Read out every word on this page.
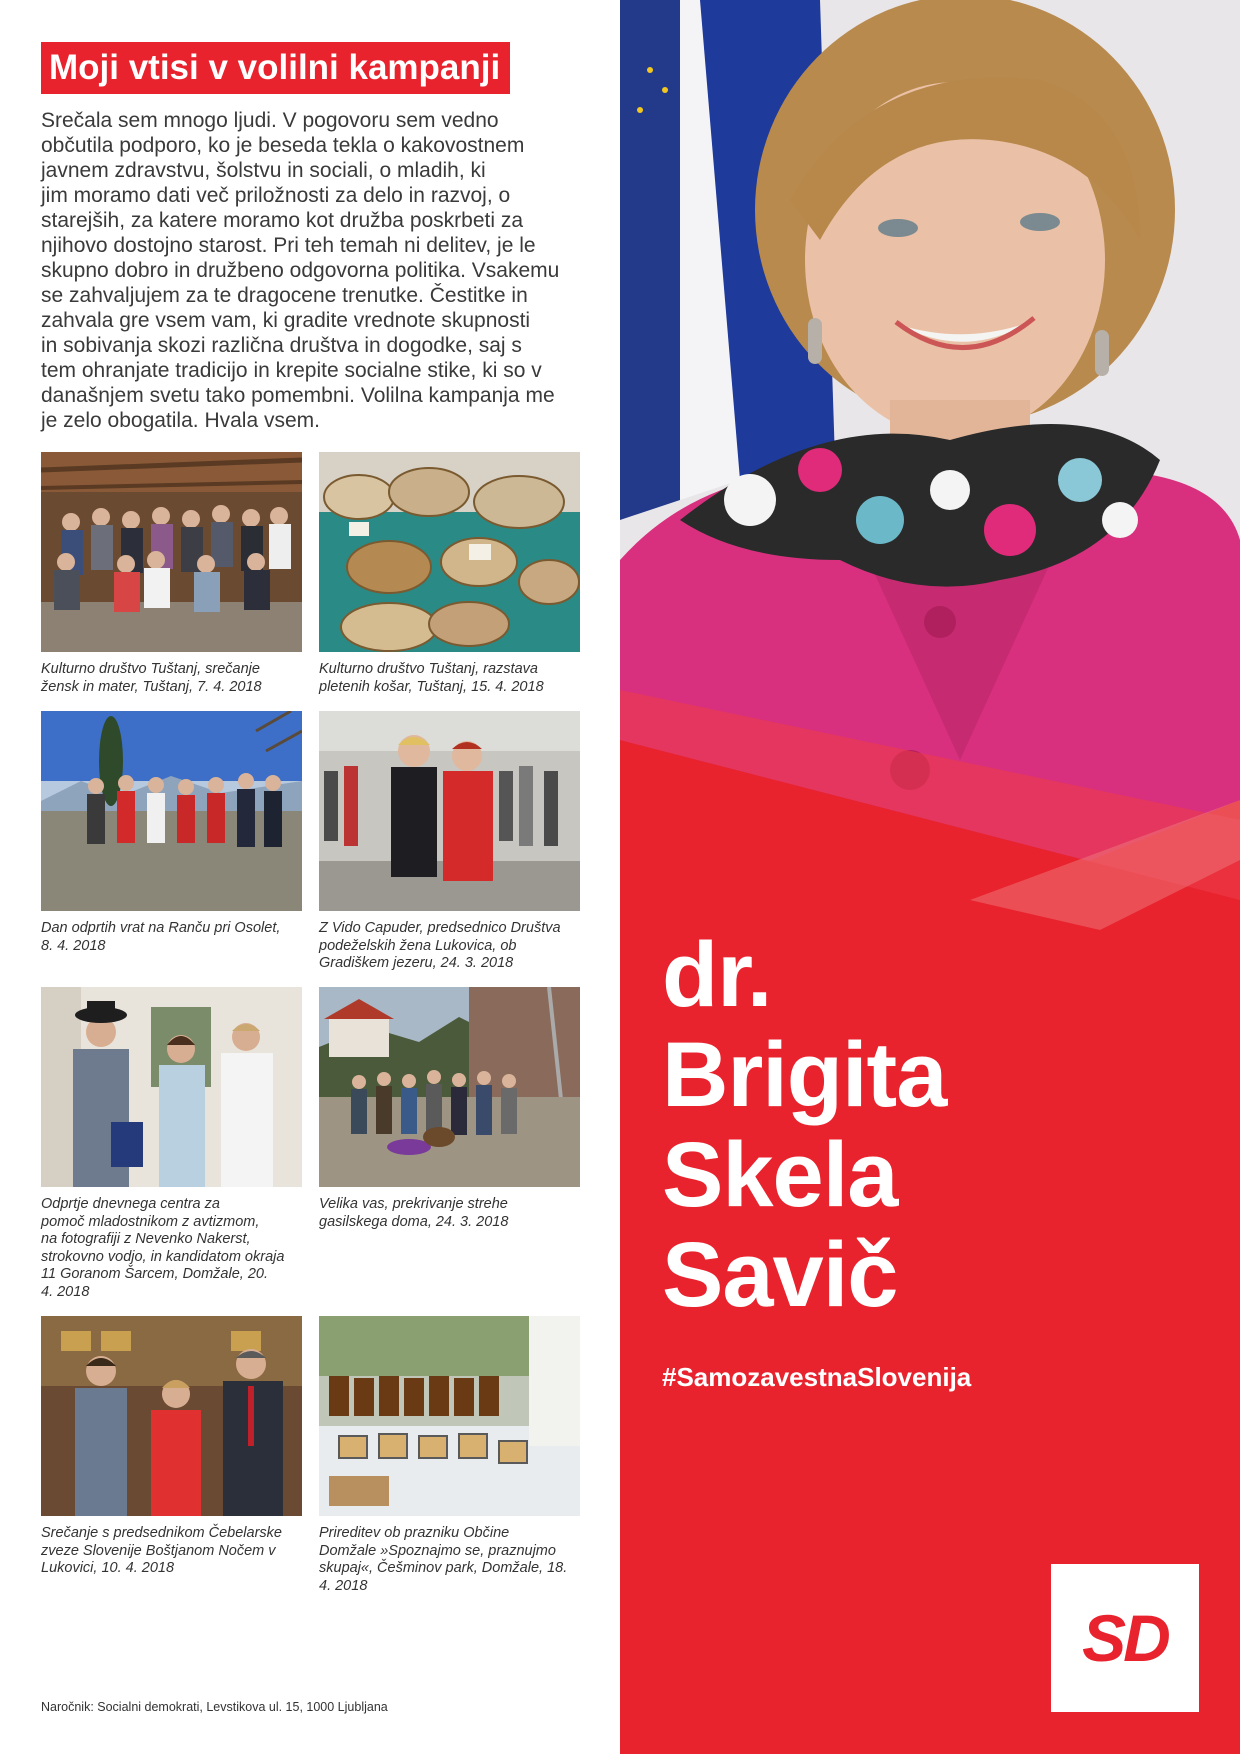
Moji vtisi v volilni kampanji
Srečala sem mnogo ljudi. V pogovoru sem vedno
občutila podporo, ko je beseda tekla o kakovostnem
javnem zdravstvu, šolstvu in sociali, o mladih, ki
jim moramo dati več priložnosti za delo in razvoj, o
starejših, za katere moramo kot družba poskrbeti za
njihovo dostojno starost. Pri teh temah ni delitev, je le
skupno dobro in družbeno odgovorna politika. Vsakemu
se zahvaljujem za te dragocene trenutke. Čestitke in
zahvala gre vsem vam, ki gradite vrednote skupnosti
in sobivanja skozi različna društva in dogodke, saj s
tem ohranjate tradicijo in krepite socialne stike, ki so v
današnjem svetu tako pomembni. Volilna kampanja me
je zelo obogatila. Hvala vsem.
Kulturno društvo Tuštanj, srečanje
žensk in mater, Tuštanj, 7. 4. 2018
Kulturno društvo Tuštanj, razstava
pletenih košar, Tuštanj, 15. 4. 2018
Dan odprtih vrat na Ranču pri Osolet,
8. 4. 2018
Z Vido Capuder, predsednico Društva
podeželskih žena Lukovica, ob
Gradiškem jezeru, 24. 3. 2018
Odprtje dnevnega centra za
pomoč mladostnikom z avtizmom,
na fotografiji z Nevenko Nakerst,
strokovno vodjo, in kandidatom okraja
11 Goranom Šarcem, Domžale, 20.
4. 2018
Velika vas, prekrivanje strehe
gasilskega doma, 24. 3. 2018
Srečanje s predsednikom Čebelarske
zveze Slovenije Boštjanom Nočem v
Lukovici, 10. 4. 2018
Prireditev ob prazniku Občine
Domžale »Spoznajmo se, praznujmo
skupaj«, Češminov park, Domžale, 18.
4. 2018
Naročnik: Socialni demokrati, Levstikova ul. 15, 1000 Ljubljana
dr.
Brigita
Skela
Savič
#SamozavestnaSlovenija
SD
